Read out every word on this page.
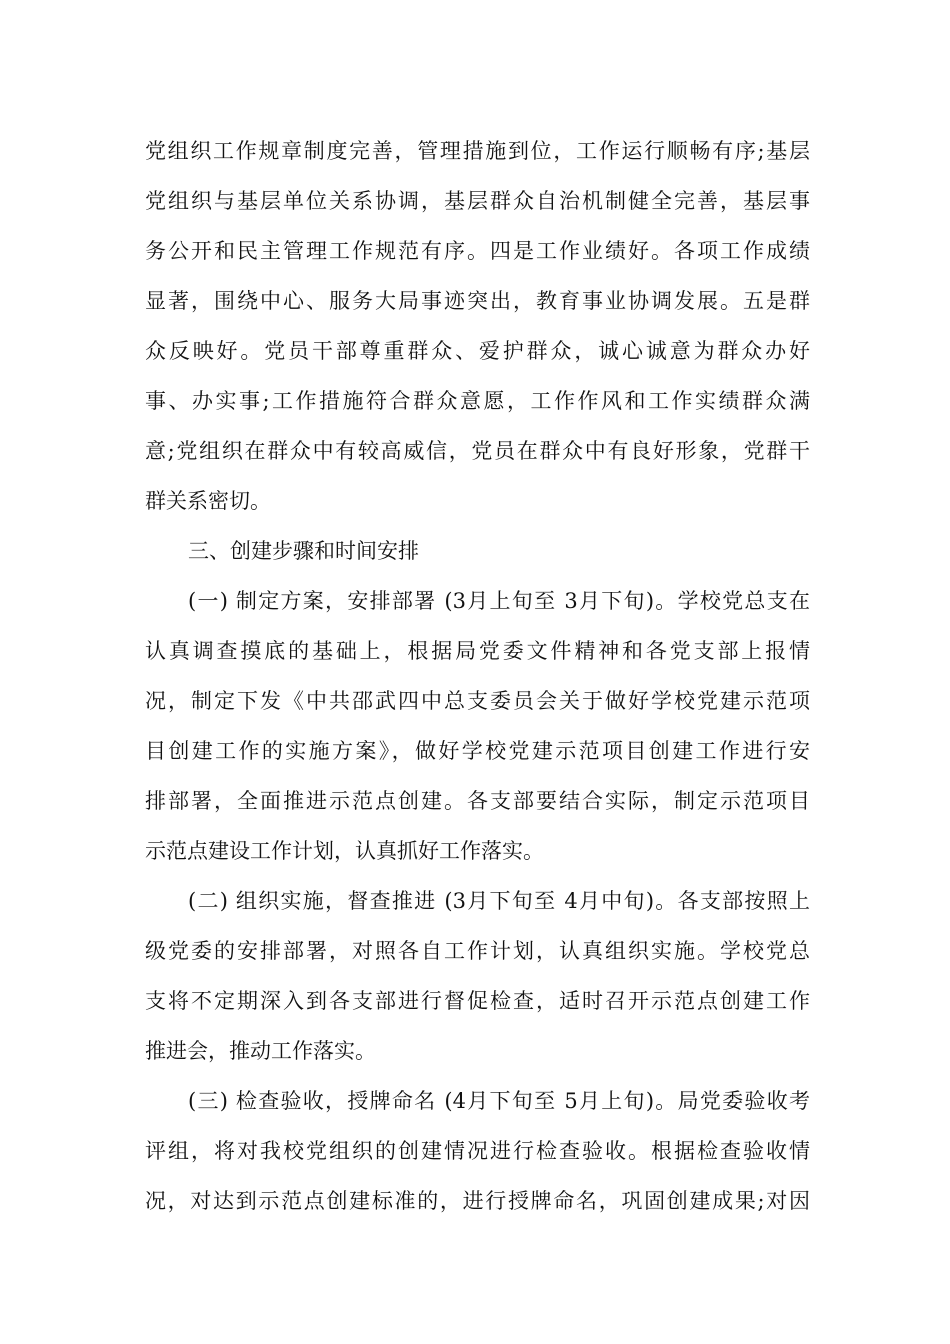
党组织工作规章制度完善，管理措施到位，工作运行顺畅有序;基层
党组织与基层单位关系协调，基层群众自治机制健全完善，基层事
务公开和民主管理工作规范有序。四是工作业绩好。各项工作成绩
显著，围绕中心、服务大局事迹突出，教育事业协调发展。五是群
众反映好。党员干部尊重群众、爱护群众，诚心诚意为群众办好
事、办实事;工作措施符合群众意愿，工作作风和工作实绩群众满
意;党组织在群众中有较高威信，党员在群众中有良好形象，党群干
群关系密切。
三、创建步骤和时间安排
(一) 制定方案，安排部署 (3月上旬至 3月下旬)。学校党总支在
认真调查摸底的基础上，根据局党委文件精神和各党支部上报情
况，制定下发《中共邵武四中总支委员会关于做好学校党建示范项
目创建工作的实施方案》，做好学校党建示范项目创建工作进行安
排部署，全面推进示范点创建。各支部要结合实际，制定示范项目
示范点建设工作计划，认真抓好工作落实。
(二) 组织实施，督查推进 (3月下旬至 4月中旬)。各支部按照上
级党委的安排部署，对照各自工作计划，认真组织实施。学校党总
支将不定期深入到各支部进行督促检查，适时召开示范点创建工作
推进会，推动工作落实。
(三) 检查验收，授牌命名 (4月下旬至 5月上旬)。局党委验收考
评组，将对我校党组织的创建情况进行检查验收。根据检查验收情
况，对达到示范点创建标准的，进行授牌命名，巩固创建成果;对因
